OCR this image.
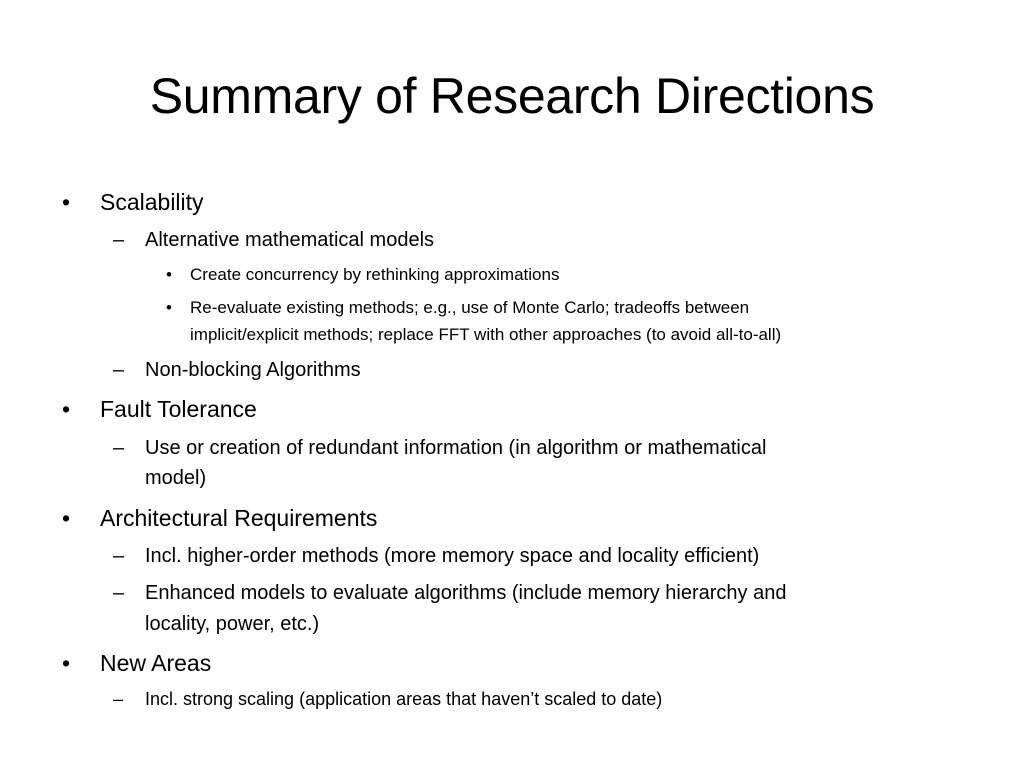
Summary of Research Directions
• Scalability
– Alternative mathematical models
• Create concurrency by rethinking approximations
• Re-evaluate existing methods; e.g., use of Monte Carlo; tradeoffs between
implicit/explicit methods; replace FFT with other approaches (to avoid all-to-all)
– Non-blocking Algorithms
• Fault Tolerance
– Use or creation of redundant information (in algorithm or mathematical
model)
• Architectural Requirements
– Incl. higher-order methods (more memory space and locality efficient)
– Enhanced models to evaluate algorithms (include memory hierarchy and
locality, power, etc.)
• New Areas
– Incl. strong scaling (application areas that haven’t scaled to date)
